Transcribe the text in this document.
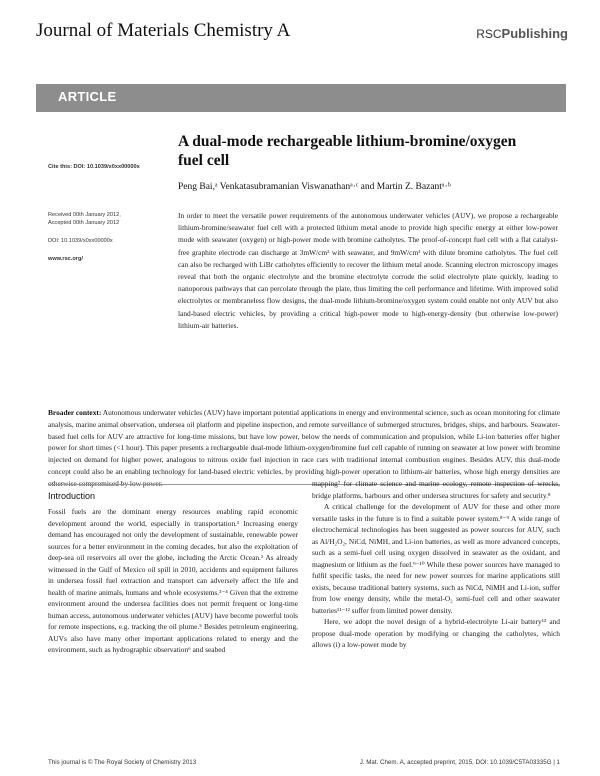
Journal of Materials Chemistry A	RSCPublishing
ARTICLE
Cite this: DOI: 10.1039/x0xx00000x
Received 00th January 2012,
Accepted 00th January 2012
DOI: 10.1039/x0xx00000x
www.rsc.org/
A dual-mode rechargeable lithium-bromine/oxygen fuel cell
Peng Bai,ᵃ Venkatasubramanian Viswanathanᵃ·ᶜ and Martin Z. Bazantᵃ·ᵇ
In order to meet the versatile power requirements of the autonomous underwater vehicles (AUV), we propose a rechargeable lithium-bromine/seawater fuel cell with a protected lithium metal anode to provide high specific energy at either low-power mode with seawater (oxygen) or high-power mode with bromine catholytes. The proof-of-concept fuel cell with a flat catalyst-free graphite electrode can discharge at 3mW/cm² with seawater, and 9mW/cm² with dilute bromine catholytes. The fuel cell can also be recharged with LiBr catholytes efficiently to recover the lithium metal anode. Scanning electron microscopy images reveal that both the organic electrolyte and the bromine electrolyte corrode the solid electrolyte plate quickly, leading to nanoporous pathways that can percolate through the plate, thus limiting the cell performance and lifetime. With improved solid electrolytes or membraneless flow designs, the dual-mode lithium-bromine/oxygen system could enable not only AUV but also land-based electric vehicles, by providing a critical high-power mode to high-energy-density (but otherwise low-power) lithium-air batteries.
Broader context: Autonomous underwater vehicles (AUV) have important potential applications in energy and environmental science, such as ocean monitoring for climate analysis, marine animal observation, undersea oil platform and pipeline inspection, and remote surveillance of submerged structures, bridges, ships, and harbours. Seawater-based fuel cells for AUV are attractive for long-time missions, but have low power, below the needs of communication and propulsion, while Li-ion batteries offer higher power for short times (<1 hour). This paper presents a rechargeable dual-mode lithium-oxygen/bromine fuel cell capable of running on seawater at low power with bromine injected on demand for higher power, analogous to nitrous oxide fuel injection in race cars with traditional internal combustion engines. Besides AUV, this dual-mode concept could also be an enabling technology for land-based electric vehicles, by providing high-power operation to lithium-air batteries, whose high energy densities are
Introduction

Fossil fuels are the dominant energy resources enabling rapid economic development around the world, especially in transportation.¹ Increasing energy demand has encouraged not only the development of sustainable, renewable power sources for a better environment in the coming decades, but also the exploitation of deep-sea oil reservoirs all over the globe, including the Arctic Ocean.² As already witnessed in the Gulf of Mexico oil spill in 2010, accidents and equipment failures in undersea fossil fuel extraction and transport can adversely affect the life and health of marine animals, humans and whole ecosystems.³⁻⁴ Given that the extreme environment around the undersea facilities does not permit frequent or long-time human access, autonomous underwater vehicles (AUV) have become powerful tools for remote inspections, e.g. tracking the oil plume.⁵ Besides petroleum engineering, AUVs also have many other important applications related to energy and the environment, such as hydrographic observation⁶ and seabed

mapping⁷ for climate science and marine ecology, remote inspection of wrecks, bridge platforms, harbours and other undersea structures for safety and security.⁸

A critical challenge for the development of AUV for these and other more versatile tasks in the future is to find a suitable power system.⁸⁻⁹ A wide range of electrochemical technologies has been suggested as power sources for AUV, such as Al/H₂O₂, NiCd, NiMH, and Li-ion batteries, as well as more advanced concepts, such as a semi-fuel cell using oxygen dissolved in seawater as the oxidant, and magnesium or lithium as the fuel.⁹⁻¹⁰ While these power sources have managed to fulfil specific tasks, the need for new power sources for marine applications still exists, because traditional battery systems, such as NiCd, NiMH and Li-ion, suffer from low energy density, while the metal-O₂ semi-fuel cell and other seawater batteries¹¹⁻¹² suffer from limited power density.

Here, we adopt the novel design of a hybrid-electrolyte Li-air battery¹³ and propose dual-mode operation by modifying or changing the catholytes, which allows (i) a low-power mode by

This journal is © The Royal Society of Chemistry 2013	J. Mat. Chem. A, accepted preprint, 2015, DOI: 10.1039/C5TA03335G | 1
